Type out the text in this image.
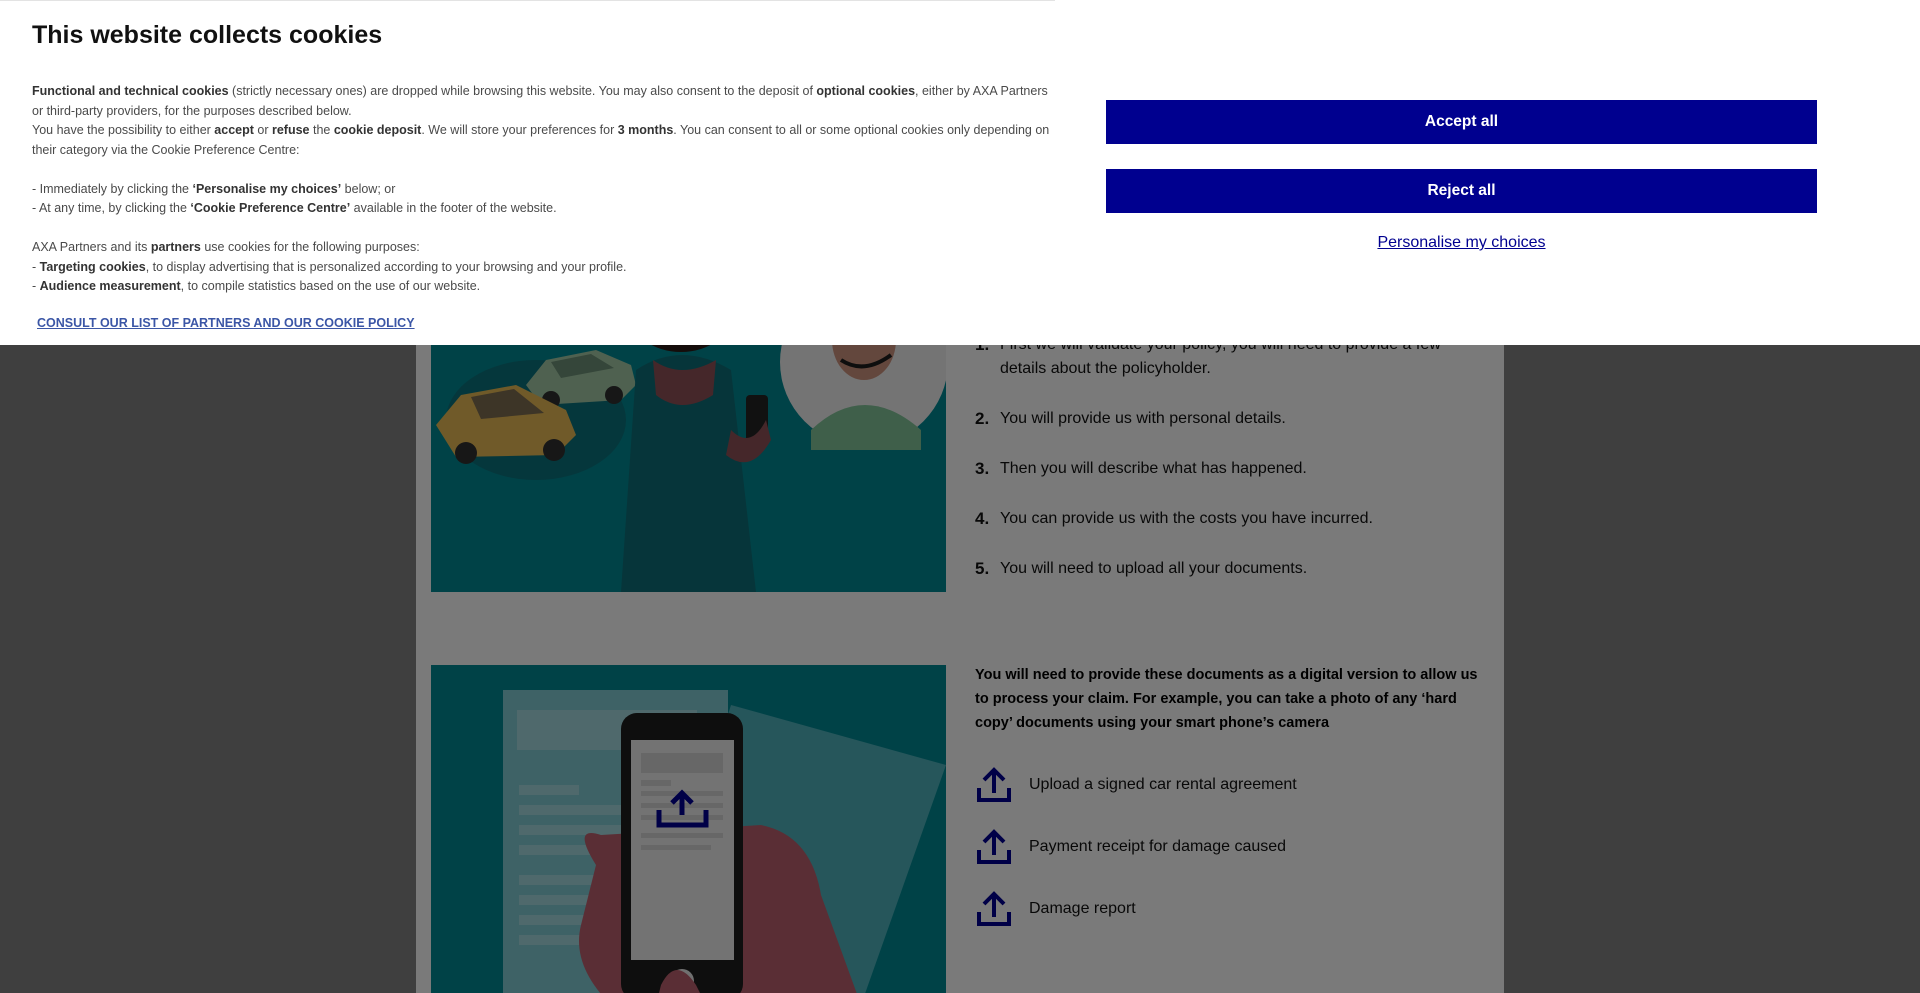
This website collects cookies

Functional and technical cookies (strictly necessary ones) are dropped while browsing this website. You may also consent to the deposit of optional cookies, either by AXA Partners or third-party providers, for the purposes described below.

You have the possibility to either accept or refuse the cookie deposit. We will store your preferences for 3 months. You can consent to all or some optional cookies only depending on their category via the Cookie Preference Centre:

- Immediately by clicking the ‘Personalise my choices’ below; or

- At any time, by clicking the ‘Cookie Preference Centre’ available in the footer of the website.

AXA Partners and its partners use cookies for the following purposes:

- Targeting cookies, to display advertising that is personalized according to your browsing and your profile.

- Audience measurement, to compile statistics based on the use of our website.

CONSULT OUR LIST OF PARTNERS AND OUR COOKIE POLICY
Accept all
Reject all
Personalise my choices
